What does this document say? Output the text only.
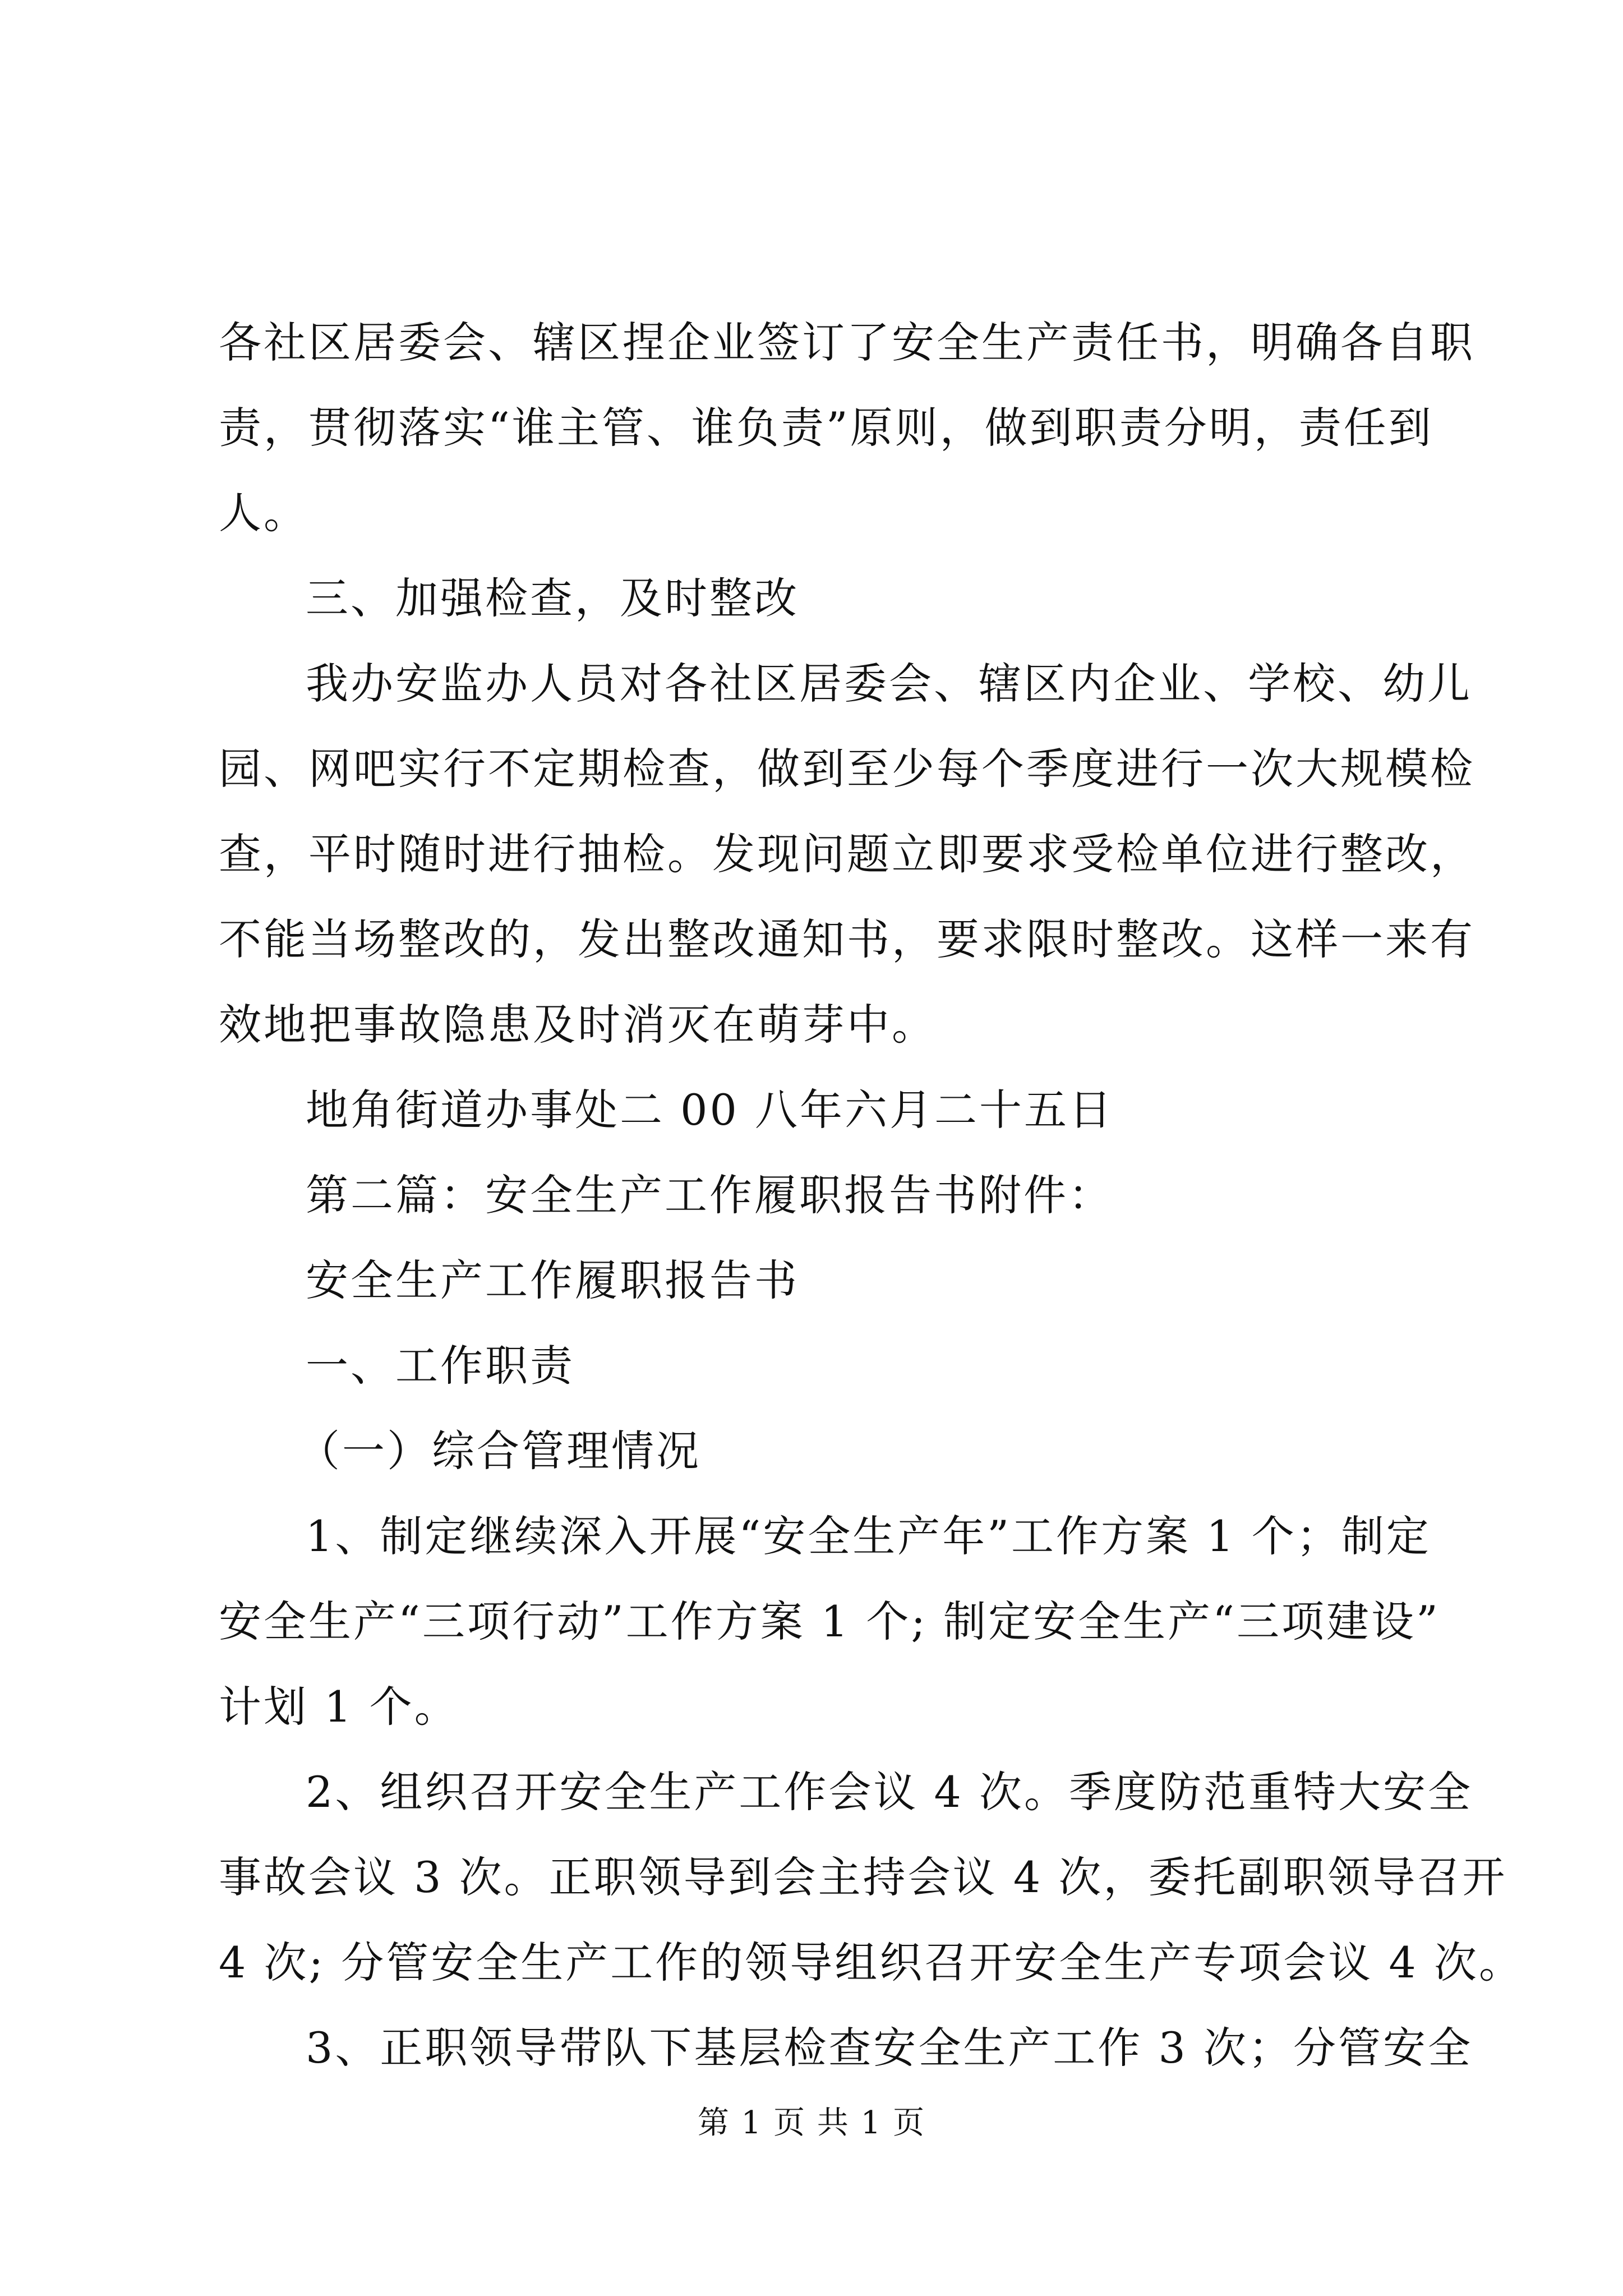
各社区居委会、辖区捏企业签订了安全生产责任书，明确各自职
责，贯彻落实“谁主管、谁负责”原则，做到职责分明，责任到
人。
三、加强检查，及时整改
我办安监办人员对各社区居委会、辖区内企业、学校、幼儿
园、网吧实行不定期检查，做到至少每个季度进行一次大规模检
查，平时随时进行抽检。发现问题立即要求受检单位进行整改，
不能当场整改的，发出整改通知书，要求限时整改。这样一来有
效地把事故隐患及时消灭在萌芽中。
地角街道办事处二 00 八年六月二十五日
第二篇：安全生产工作履职报告书附件：
安全生产工作履职报告书
一、工作职责
（一）综合管理情况
1、制定继续深入开展“安全生产年”工作方案 1 个；制定
安全生产“三项行动”工作方案 1 个; 制定安全生产“三项建设”
计划 1 个。
2、组织召开安全生产工作会议 4 次。季度防范重特大安全
事故会议 3 次。正职领导到会主持会议 4 次，委托副职领导召开
4 次; 分管安全生产工作的领导组织召开安全生产专项会议 4 次。
3、正职领导带队下基层检查安全生产工作 3 次；分管安全
第 1 页 共 1 页
